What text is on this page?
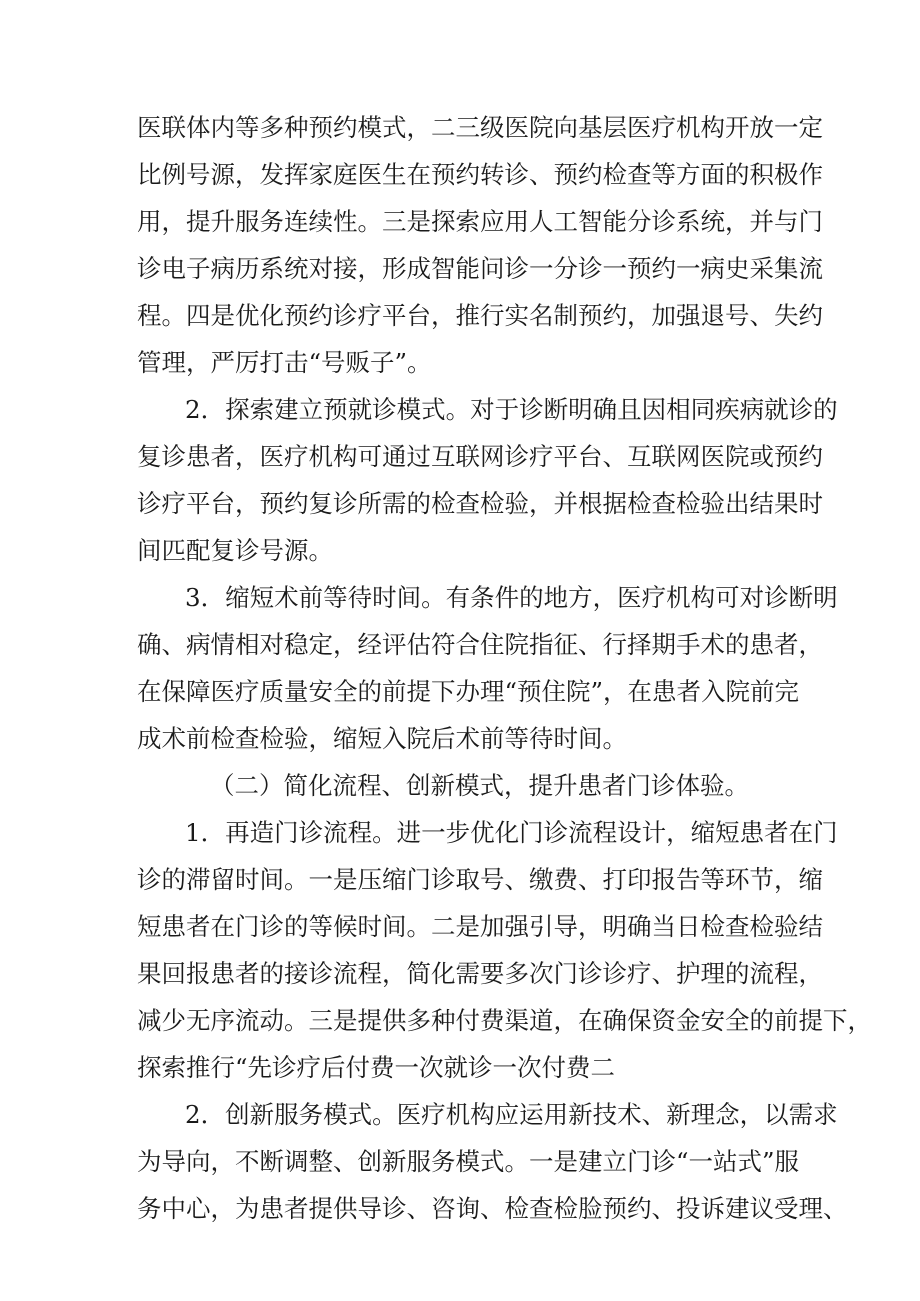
医联体内等多种预约模式，二三级医院向基层医疗机构开放一定
比例号源，发挥家庭医生在预约转诊、预约检查等方面的积极作
用，提升服务连续性。三是探索应用人工智能分诊系统，并与门
诊电子病历系统对接，形成智能问诊一分诊一预约一病史采集流
程。四是优化预约诊疗平台，推行实名制预约，加强退号、失约
管理，严厉打击“号贩子”。
2．探索建立预就诊模式。对于诊断明确且因相同疾病就诊的
复诊患者，医疗机构可通过互联网诊疗平台、互联网医院或预约
诊疗平台，预约复诊所需的检查检验，并根据检查检验出结果时
间匹配复诊号源。
3．缩短术前等待时间。有条件的地方，医疗机构可对诊断明
确、病情相对稳定，经评估符合住院指征、行择期手术的患者，
在保障医疗质量安全的前提下办理“预住院”，在患者入院前完
成术前检查检验，缩短入院后术前等待时间。
（二）简化流程、创新模式，提升患者门诊体验。
1．再造门诊流程。进一步优化门诊流程设计，缩短患者在门
诊的滞留时间。一是压缩门诊取号、缴费、打印报告等环节，缩
短患者在门诊的等候时间。二是加强引导，明确当日检查检验结
果回报患者的接诊流程，简化需要多次门诊诊疗、护理的流程，
减少无序流动。三是提供多种付费渠道，在确保资金安全的前提下，
探索推行“先诊疗后付费一次就诊一次付费二
2．创新服务模式。医疗机构应运用新技术、新理念，以需求
为导向，不断调整、创新服务模式。一是建立门诊“一站式”服
务中心，为患者提供导诊、咨询、检查检脸预约、投诉建议受理、
